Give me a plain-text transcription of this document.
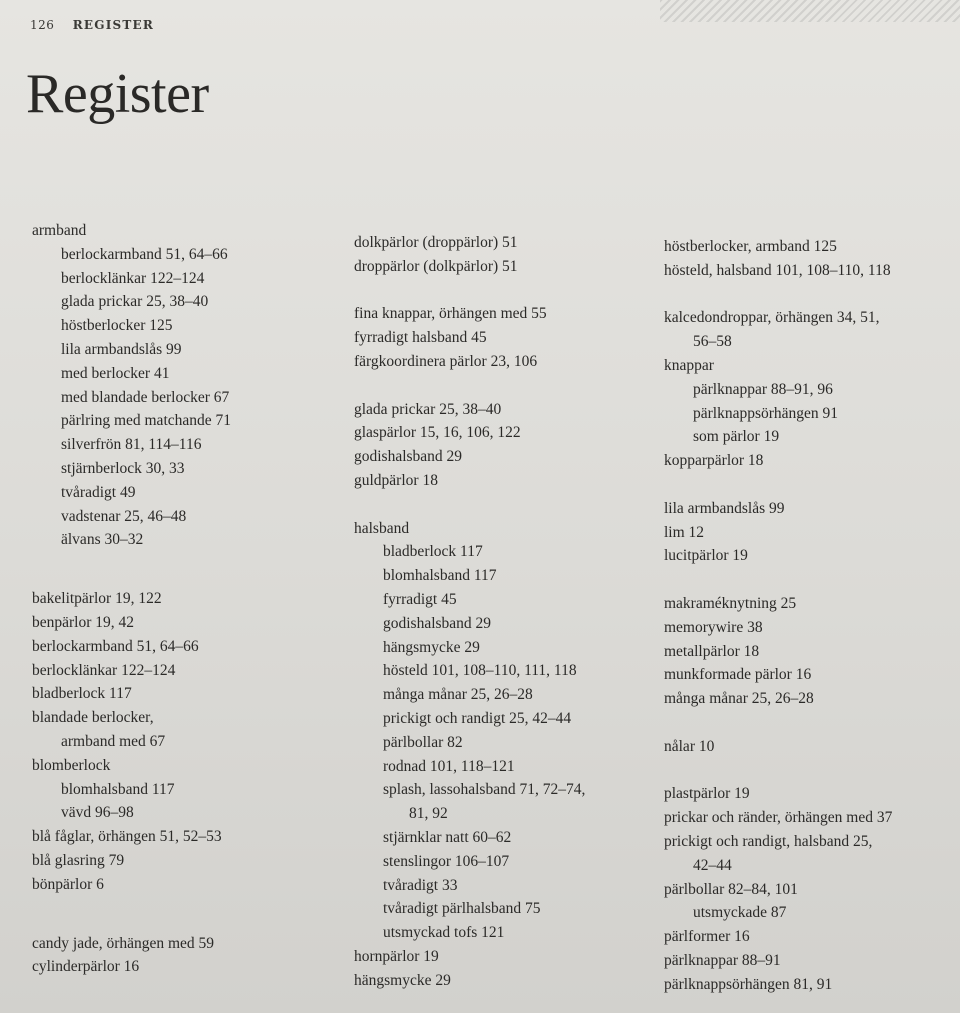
126 REGISTER
Register
armband
berlockarmband 51, 64–66
berlocklänkar 122–124
glada prickar 25, 38–40
höstberlocker 125
lila armbandslås 99
med berlocker 41
med blandade berlocker 67
pärlring med matchande 71
silverfrön 81, 114–116
stjärnberlock 30, 33
tvåradigt 49
vadstenar 25, 46–48
älvans 30–32
bakelitpärlor 19, 122
benpärlor 19, 42
berlockarmband 51, 64–66
berlocklänkar 122–124
bladberlock 117
blandade berlocker,
armband med 67
blomberlock
blomhalsband 117
vävd 96–98
blå fåglar, örhängen 51, 52–53
blå glasring 79
bönpärlor 6
candy jade, örhängen med 59
cylinderpärlor 16
dolkpärlor (droppärlor) 51
droppärlor (dolkpärlor) 51
fina knappar, örhängen med 55
fyrradigt halsband 45
färgkoordinera pärlor 23, 106
glada prickar 25, 38–40
glaspärlor 15, 16, 106, 122
godishalsband 29
guldpärlor 18
halsband
bladberlock 117
blomhalsband 117
fyrradigt 45
godishalsband 29
hängsmycke 29
hösteld 101, 108–110, 111, 118
många månar 25, 26–28
prickigt och randigt 25, 42–44
pärlbollar 82
rodnad 101, 118–121
splash, lassohalsband 71, 72–74,
81, 92
stjärnklar natt 60–62
stenslingor 106–107
tvåradigt 33
tvåradigt pärlhalsband 75
utsmyckad tofs 121
hornpärlor 19
hängsmycke 29
höstberlocker, armband 125
hösteld, halsband 101, 108–110, 118
kalcedondroppar, örhängen 34, 51,
56–58
knappar
pärlknappar 88–91, 96
pärlknappsörhängen 91
som pärlor 19
kopparpärlor 18
lila armbandslås 99
lim 12
lucitpärlor 19
makraméknytning 25
memorywire 38
metallpärlor 18
munkformade pärlor 16
många månar 25, 26–28
nålar 10
plastpärlor 19
prickar och ränder, örhängen med 37
prickigt och randigt, halsband 25,
42–44
pärlbollar 82–84, 101
utsmyckade 87
pärlformer 16
pärlknappar 88–91
pärlknappsörhängen 81, 91
